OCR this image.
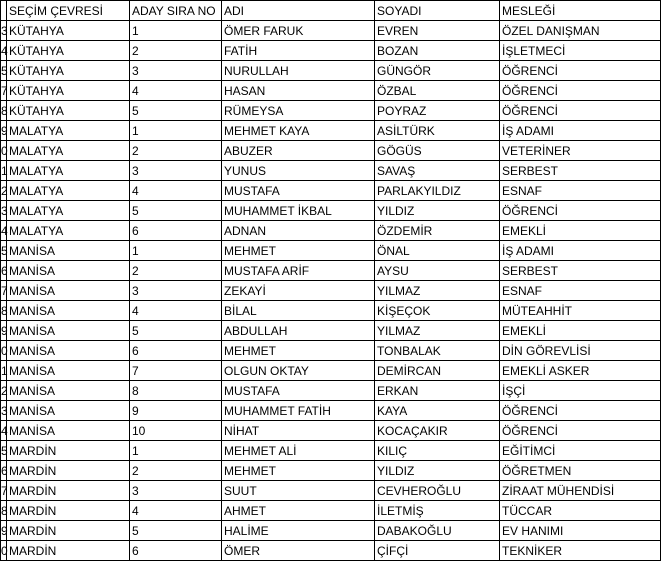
	SEÇİM ÇEVRESİ	ADAY SIRA NO	ADI	SOYADI	MESLEĞİ
3	KÜTAHYA	1	ÖMER FARUK	EVREN	ÖZEL DANIŞMAN
4	KÜTAHYA	2	FATİH	BOZAN	İŞLETMECİ
5	KÜTAHYA	3	NURULLAH	GÜNGÖR	ÖĞRENCİ
7	KÜTAHYA	4	HASAN	ÖZBAL	ÖĞRENCİ
8	KÜTAHYA	5	RÜMEYSA	POYRAZ	ÖĞRENCİ
9	MALATYA	1	MEHMET KAYA	ASİLTÜRK	İŞ ADAMI
0	MALATYA	2	ABUZER	GÖGÜS	VETERİNER
1	MALATYA	3	YUNUS	SAVAŞ	SERBEST
2	MALATYA	4	MUSTAFA	PARLAKYILDIZ	ESNAF
3	MALATYA	5	MUHAMMET İKBAL	YILDIZ	ÖĞRENCİ
4	MALATYA	6	ADNAN	ÖZDEMİR	EMEKLİ
5	MANİSA	1	MEHMET	ÖNAL	İŞ ADAMI
6	MANİSA	2	MUSTAFA ARİF	AYSU	SERBEST
7	MANİSA	3	ZEKAYİ	YILMAZ	ESNAF
8	MANİSA	4	BİLAL	KİŞEÇOK	MÜTEAHHİT
9	MANİSA	5	ABDULLAH	YILMAZ	EMEKLİ
0	MANİSA	6	MEHMET	TONBALAK	DİN GÖREVLİSİ
1	MANİSA	7	OLGUN OKTAY	DEMİRCAN	EMEKLİ ASKER
2	MANİSA	8	MUSTAFA	ERKAN	İŞÇİ
3	MANİSA	9	MUHAMMET FATİH	KAYA	ÖĞRENCİ
4	MANİSA	10	NİHAT	KOCAÇAKIR	ÖĞRENCİ
5	MARDİN	1	MEHMET ALİ	KILIÇ	EĞİTİMCİ
6	MARDİN	2	MEHMET	YILDIZ	ÖĞRETMEN
7	MARDİN	3	SUUT	CEVHEROĞLU	ZİRAAT MÜHENDİSİ
8	MARDİN	4	AHMET	İLETMİŞ	TÜCCAR
9	MARDİN	5	HALİME	DABAKOĞLU	EV HANIMI
0	MARDİN	6	ÖMER	ÇİFÇİ	TEKNİKER
